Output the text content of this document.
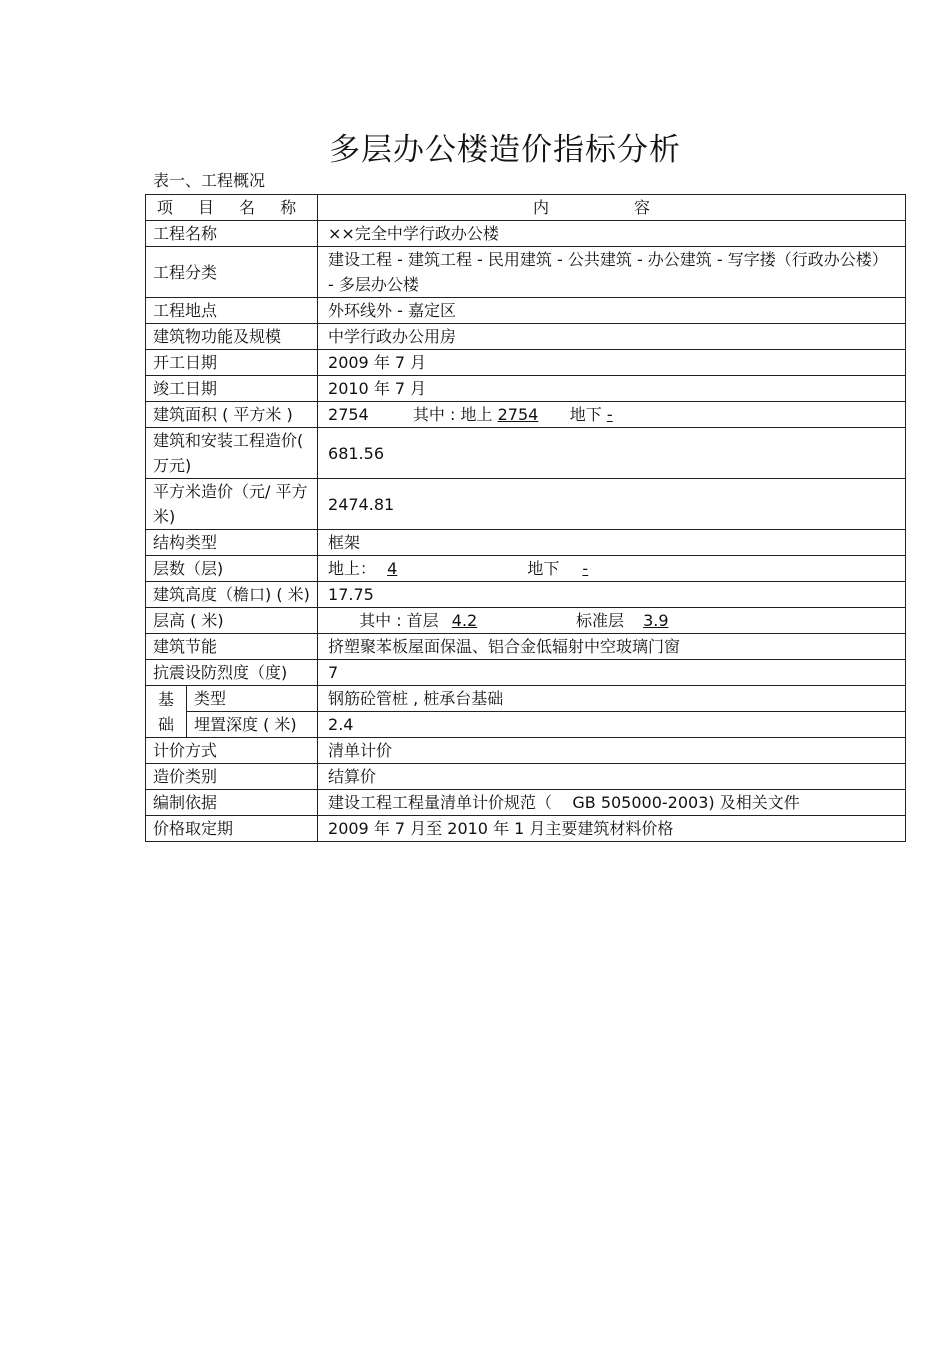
多层办公楼造价指标分析
表一、工程概况
项 目 名 称		内 容
工程名称		××完全中学行政办公楼
工程分类		建设工程 - 建筑工程 - 民用建筑 - 公共建筑 - 办公建筑 - 写字搂（行政办公楼） - 多层办公楼
工程地点		外环线外 - 嘉定区
建筑物功能及规模		中学行政办公用房
开工日期		2009 年 7 月
竣工日期		2010 年 7 月
建筑面积 ( 平方米 )		2754 其中 : 地上 2754 地下 -
建筑和安装工程造价( 万元)		681.56
平方米造价（元/ 平方米)		2474.81
结构类型		框架
层数（层)		地上： 4 地下 -
建筑高度（檐口) ( 米)		17.75
层高 ( 米)		其中 : 首层 4.2 标准层 3.9
建筑节能		挤塑聚苯板屋面保温、铝合金低辐射中空玻璃门窗
抗震设防烈度（度)		7
基础	类型	钢筋砼管桩 , 桩承台基础
	埋置深度 ( 米)	2.4
计价方式		清单计价
造价类别		结算价
编制依据		建设工程工程量清单计价规范（    GB 505000-2003) 及相关文件
价格取定期		2009 年 7 月至 2010 年 1 月主要建筑材料价格
